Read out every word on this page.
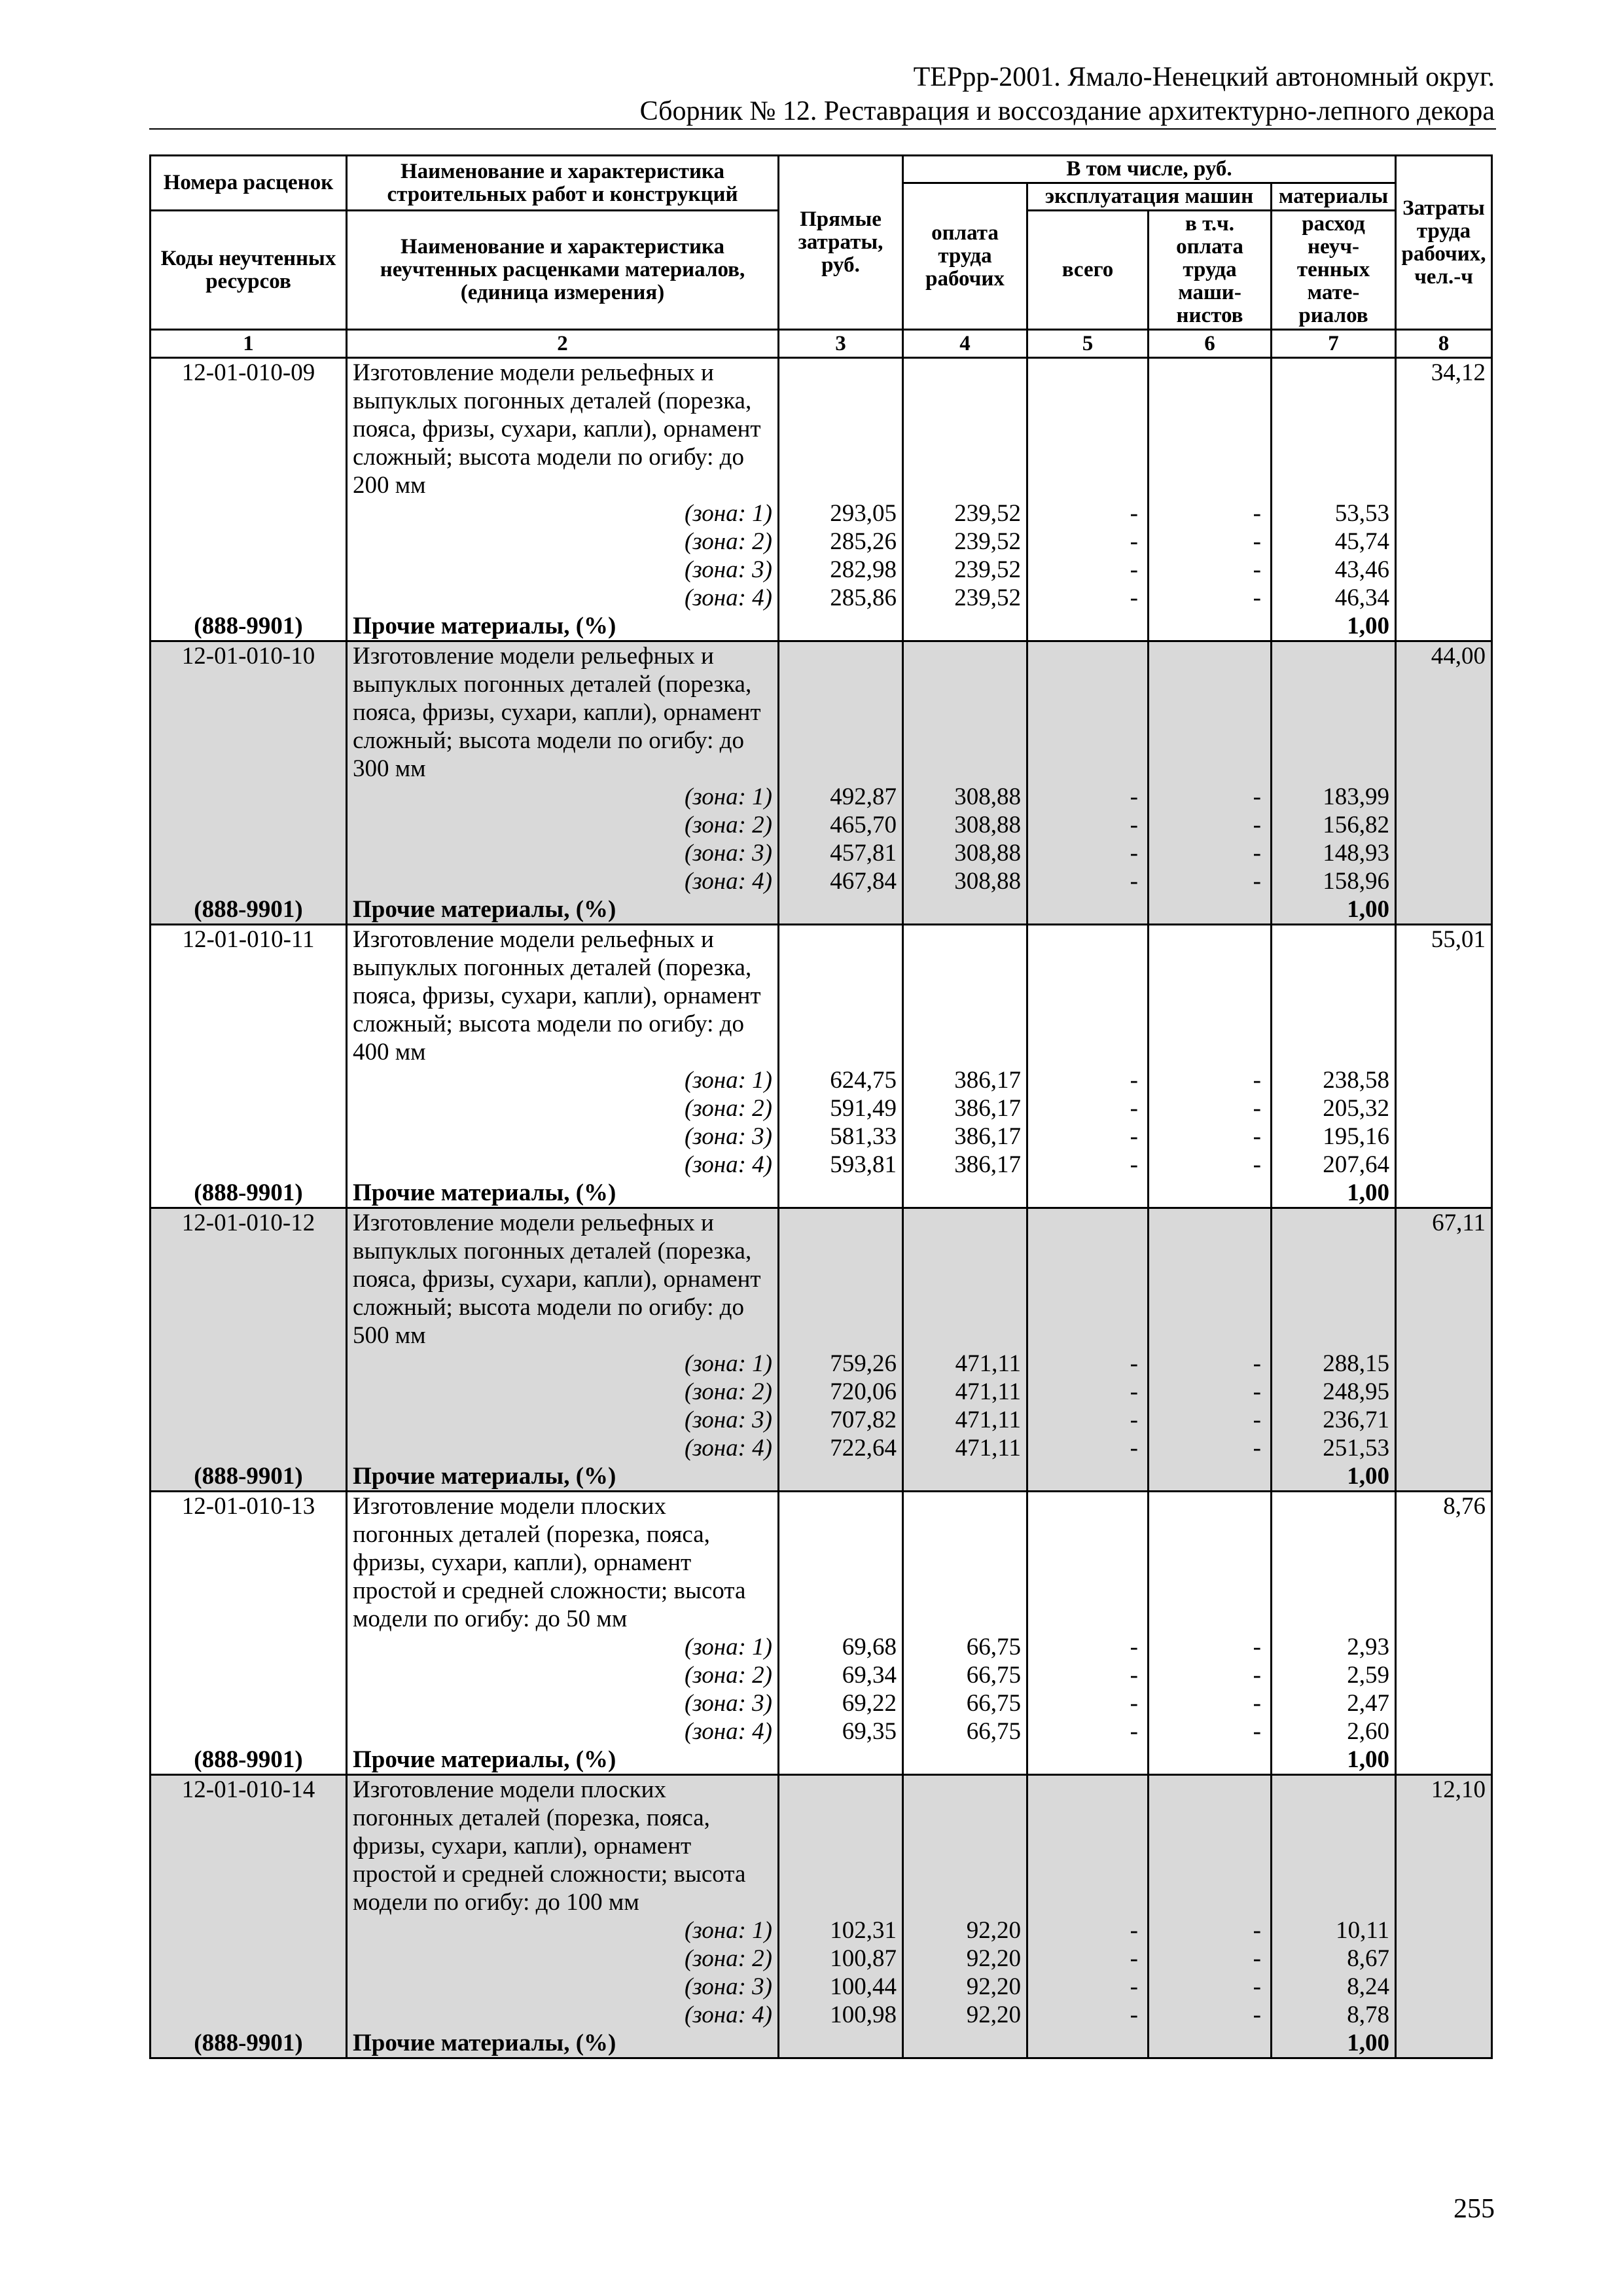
ТЕРрр-2001. Ямало-Ненецкий автономный округ.
Сборник № 12. Реставрация и воссоздание архитектурно-лепного декора
Номера расценок	Наименование и характеристика строительных работ и конструкций	Прямые затраты, руб.	В том числе, руб.				Затраты труда рабочих, чел.-ч
			оплата труда рабочих	эксплуатация машин		материалы	
Коды неучтенных ресурсов	Наименование и характеристика неучтенных расценками материалов, (единица измерения)			всего	в т.ч. оплата труда маши-нистов	расход неуч-тенных мате-риалов	

1	2	3	4	5	6	7	8
12-01-010-09	Изготовление модели рельефных и выпуклых погонных деталей (порезка, пояса, фризы, сухари, капли), орнамент сложный; высота модели по огибу: до 200 мм						34,12
	(зона: 1)	293,05	239,52	-	-	53,53	
	(зона: 2)	285,26	239,52	-	-	45,74	
	(зона: 3)	282,98	239,52	-	-	43,46	
	(зона: 4)	285,86	239,52	-	-	46,34	
(888-9901)	Прочие материалы, (%)					1,00	
12-01-010-10	Изготовление модели рельефных и выпуклых погонных деталей (порезка, пояса, фризы, сухари, капли), орнамент сложный; высота модели по огибу: до 300 мм						44,00
	(зона: 1)	492,87	308,88	-	-	183,99	
	(зона: 2)	465,70	308,88	-	-	156,82	
	(зона: 3)	457,81	308,88	-	-	148,93	
	(зона: 4)	467,84	308,88	-	-	158,96	
(888-9901)	Прочие материалы, (%)					1,00	
12-01-010-11	Изготовление модели рельефных и выпуклых погонных деталей (порезка, пояса, фризы, сухари, капли), орнамент сложный; высота модели по огибу: до 400 мм						55,01
	(зона: 1)	624,75	386,17	-	-	238,58	
	(зона: 2)	591,49	386,17	-	-	205,32	
	(зона: 3)	581,33	386,17	-	-	195,16	
	(зона: 4)	593,81	386,17	-	-	207,64	
(888-9901)	Прочие материалы, (%)					1,00	
12-01-010-12	Изготовление модели рельефных и выпуклых погонных деталей (порезка, пояса, фризы, сухари, капли), орнамент сложный; высота модели по огибу: до 500 мм						67,11
	(зона: 1)	759,26	471,11	-	-	288,15	
	(зона: 2)	720,06	471,11	-	-	248,95	
	(зона: 3)	707,82	471,11	-	-	236,71	
	(зона: 4)	722,64	471,11	-	-	251,53	
(888-9901)	Прочие материалы, (%)					1,00	
12-01-010-13	Изготовление модели плоских погонных деталей (порезка, пояса, фризы, сухари, капли), орнамент простой и средней сложности; высота модели по огибу: до 50 мм						8,76
	(зона: 1)	69,68	66,75	-	-	2,93	
	(зона: 2)	69,34	66,75	-	-	2,59	
	(зона: 3)	69,22	66,75	-	-	2,47	
	(зона: 4)	69,35	66,75	-	-	2,60	
(888-9901)	Прочие материалы, (%)					1,00	
12-01-010-14	Изготовление модели плоских погонных деталей (порезка, пояса, фризы, сухари, капли), орнамент простой и средней сложности; высота модели по огибу: до 100 мм						12,10
	(зона: 1)	102,31	92,20	-	-	10,11	
	(зона: 2)	100,87	92,20	-	-	8,67	
	(зона: 3)	100,44	92,20	-	-	8,24	
	(зона: 4)	100,98	92,20	-	-	8,78	
(888-9901)	Прочие материалы, (%)					1,00	
255
